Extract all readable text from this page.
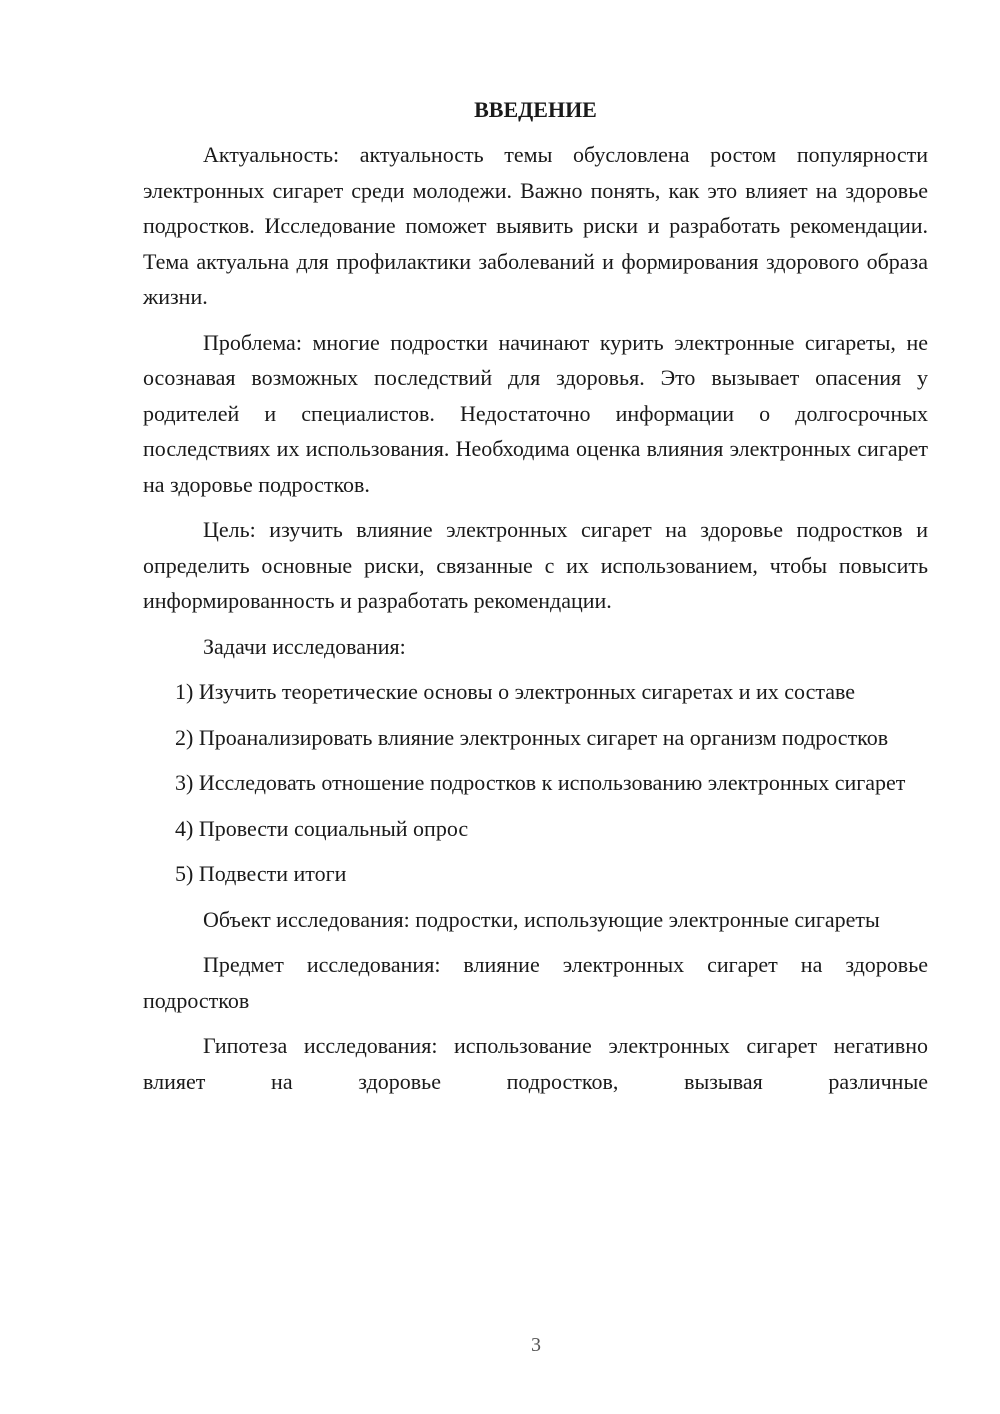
ВВЕДЕНИЕ

Актуальность: актуальность темы обусловлена ростом популярности электронных сигарет среди молодежи. Важно понять, как это влияет на здоровье подростков. Исследование поможет выявить риски и разработать рекомендации. Тема актуальна для профилактики заболеваний и формирования здорового образа жизни.

Проблема: многие подростки начинают курить электронные сигареты, не осознавая возможных последствий для здоровья. Это вызывает опасения у родителей и специалистов. Недостаточно информации о долгосрочных последствиях их использования. Необходима оценка влияния электронных сигарет на здоровье подростков.

Цель: изучить влияние электронных сигарет на здоровье подростков и определить основные риски, связанные с их использованием, чтобы повысить информированность и разработать рекомендации.

Задачи исследования:

1) Изучить теоретические основы о электронных сигаретах и их составе

2) Проанализировать влияние электронных сигарет на организм подростков

3) Исследовать отношение подростков к использованию электронных сигарет

4) Провести социальный опрос

5) Подвести итоги

Объект исследования: подростки, использующие электронные сигареты

Предмет исследования: влияние электронных сигарет на здоровье подростков

Гипотеза исследования: использование электронных сигарет негативно влияет на здоровье подростков, вызывая различные

3
